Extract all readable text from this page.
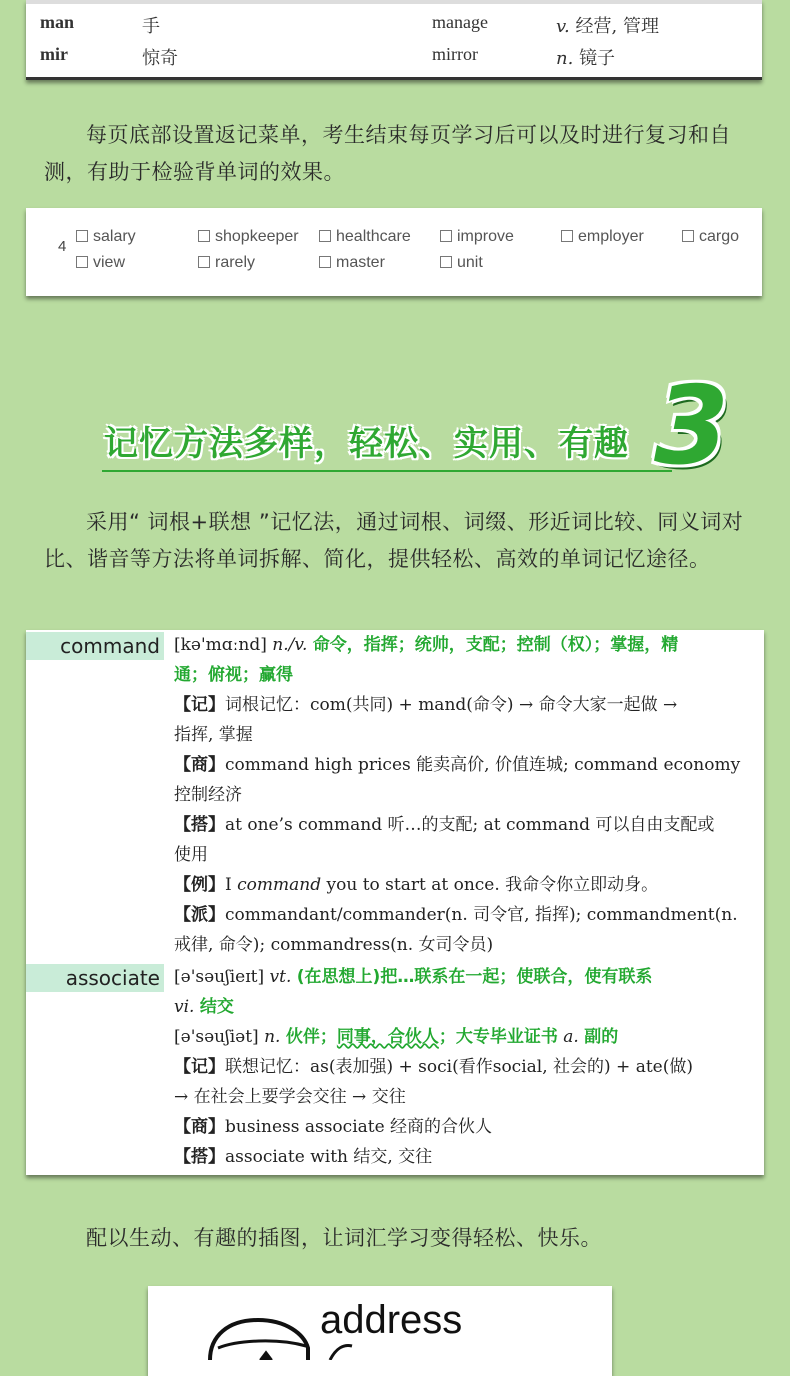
man	手	manage	v. 经营, 管理
mir	惊奇	mirror	n. 镜子
每页底部设置返记菜单，考生结束每页学习后可以及时进行复习和自测，有助于检验背单词的效果。
4
salary	shopkeeper	healthcare	improve	employer	cargo
view	rarely	master	unit
记忆方法多样，轻松、实用、有趣 3
采用“ 词根+联想 ”记忆法，通过词根、词缀、形近词比较、同义词对比、谐音等方法将单词拆解、简化，提供轻松、高效的单词记忆途径。
command [kə'mɑːnd] n./v. 命令，指挥；统帅，支配；控制（权）；掌握，精
通；俯视；赢得
【记】词根记忆：com(共同) + mand(命令) → 命令大家一起做 →
指挥, 掌握
【商】command high prices 能卖高价, 价值连城; command economy
控制经济
【搭】at one’s command 听…的支配; at command 可以自由支配或
使用
【例】I command you to start at once. 我命令你立即动身。
【派】commandant/commander(n. 司令官, 指挥); commandment(n.
戒律, 命令); commandress(n. 女司令员)
associate [ə'səuʃieɪt] vt. (在思想上)把…联系在一起；使联合，使有联系
vi. 结交
[ə'səuʃiət] n. 伙伴；同事，合伙人；大专毕业证书 a. 副的
【记】联想记忆：as(表加强) + soci(看作social, 社会的) + ate(做)
→ 在社会上要学会交往 → 交往
【商】business associate 经商的合伙人
【搭】associate with 结交, 交往
配以生动、有趣的插图，让词汇学习变得轻松、快乐。
address
